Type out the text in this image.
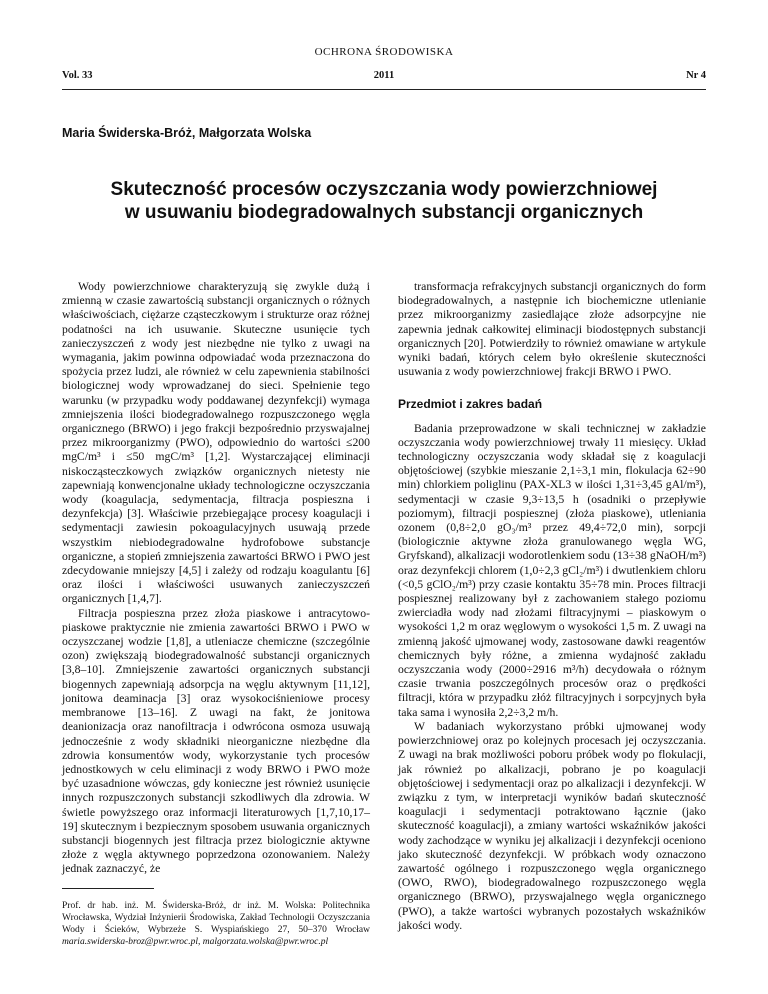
OCHRONA ŚRODOWISKA
Vol. 33	2011	Nr 4
Maria Świderska-Bróż, Małgorzata Wolska
Skuteczność procesów oczyszczania wody powierzchniowej
w usuwaniu biodegradowalnych substancji organicznych

Wody powierzchniowe charakteryzują się zwykle dużą i zmienną w czasie zawartością substancji organicznych o różnych właściwościach, ciężarze cząsteczkowym i strukturze oraz różnej podatności na ich usuwanie. Skuteczne usunięcie tych zanieczyszczeń z wody jest niezbędne nie tylko z uwagi na wymagania, jakim powinna odpowiadać woda przeznaczona do spożycia przez ludzi, ale również w celu zapewnienia stabilności biologicznej wody wprowadzanej do sieci. Spełnienie tego warunku (w przypadku wody poddawanej dezynfekcji) wymaga zmniejszenia ilości biodegradowalnego rozpuszczonego węgla organicznego (BRWO) i jego frakcji bezpośrednio przyswajalnej przez mikroorganizmy (PWO), odpowiednio do wartości ≤200 mgC/m³ i ≤50 mgC/m³ [1,2]. Wystarczającej eliminacji niskocząsteczkowych związków organicznych nietesty nie zapewniają konwencjonalne układy technologiczne oczyszczania wody (koagulacja, sedymentacja, filtracja pospieszna i dezynfekcja) [3]. Właściwie przebiegające procesy koagulacji i sedymentacji zawiesin pokoagulacyjnych usuwają przede wszystkim niebiodegradowalne hydrofobowe substancje organiczne, a stopień zmniejszenia zawartości BRWO i PWO jest zdecydowanie mniejszy [4,5] i zależy od rodzaju koagulantu [6] oraz ilości i właściwości usuwanych zanieczyszczeń organicznych [1,4,7].

Filtracja pospieszna przez złoża piaskowe i antracytowo-piaskowe praktycznie nie zmienia zawartości BRWO i PWO w oczyszczanej wodzie [1,8], a utleniacze chemiczne (szczególnie ozon) zwiększają biodegradowalność substancji organicznych [3,8–10]. Zmniejszenie zawartości organicznych substancji biogennych zapewniają adsorpcja na węglu aktywnym [11,12], jonitowa deaminacja [3] oraz wysokociśnieniowe procesy membranowe [13–16]. Z uwagi na fakt, że jonitowa deanionizacja oraz nanofiltracja i odwrócona osmoza usuwają jednocześnie z wody składniki nieorganiczne niezbędne dla zdrowia konsumentów wody, wykorzystanie tych procesów jednostkowych w celu eliminacji z wody BRWO i PWO może być uzasadnione wówczas, gdy konieczne jest również usunięcie innych rozpuszczonych substancji szkodliwych dla zdrowia. W świetle powyższego oraz informacji literaturowych [1,7,10,17–19] skutecznym i bezpiecznym sposobem usuwania organicznych substancji biogennych jest filtracja przez biologicznie aktywne złoże z węgla aktywnego poprzedzona ozonowaniem. Należy jednak zaznaczyć, że

transformacja refrakcyjnych substancji organicznych do form biodegradowalnych, a następnie ich biochemiczne utlenianie przez mikroorganizmy zasiedlające złoże adsorpcyjne nie zapewnia jednak całkowitej eliminacji biodostępnych substancji organicznych [20]. Potwierdziły to również omawiane w artykule wyniki badań, których celem było określenie skuteczności usuwania z wody powierzchniowej frakcji BRWO i PWO.

Przedmiot i zakres badań

Badania przeprowadzone w skali technicznej w zakładzie oczyszczania wody powierzchniowej trwały 11 miesięcy. Układ technologiczny oczyszczania wody składał się z koagulacji objętościowej (szybkie mieszanie 2,1÷3,1 min, flokulacja 62÷90 min) chlorkiem poliglinu (PAX-XL3 w ilości 1,31÷3,45 gAl/m³), sedymentacji w czasie 9,3÷13,5 h (osadniki o przepływie poziomym), filtracji pospiesznej (złoża piaskowe), utleniania ozonem (0,8÷2,0 gO₃/m³ przez 49,4÷72,0 min), sorpcji (biologicznie aktywne złoża granulowanego węgla WG, Gryfskand), alkalizacji wodorotlenkiem sodu (13÷38 gNaOH/m³) oraz dezynfekcji chlorem (1,0÷2,3 gCl₂/m³) i dwutlenkiem chloru (<0,5 gClO₂/m³) przy czasie kontaktu 35÷78 min. Proces filtracji pospiesznej realizowany był z zachowaniem stałego poziomu zwierciadła wody nad złożami filtracyjnymi – piaskowym o wysokości 1,2 m oraz węglowym o wysokości 1,5 m. Z uwagi na zmienną jakość ujmowanej wody, zastosowane dawki reagentów chemicznych były różne, a zmienna wydajność zakładu oczyszczania wody (2000÷2916 m³/h) decydowała o różnym czasie trwania poszczególnych procesów oraz o prędkości filtracji, która w przypadku złóż filtracyjnych i sorpcyjnych była taka sama i wynosiła 2,2÷3,2 m/h.

W badaniach wykorzystano próbki ujmowanej wody powierzchniowej oraz po kolejnych procesach jej oczyszczania. Z uwagi na brak możliwości poboru próbek wody po flokulacji, jak również po alkalizacji, pobrano je po koagulacji objętościowej i sedymentacji oraz po alkalizacji i dezynfekcji. W związku z tym, w interpretacji wyników badań skuteczność koagulacji i sedymentacji potraktowano łącznie (jako skuteczność koagulacji), a zmiany wartości wskaźników jakości wody zachodzące w wyniku jej alkalizacji i dezynfekcji oceniono jako skuteczność dezynfekcji. W próbkach wody oznaczono zawartość ogólnego i rozpuszczonego węgla organicznego (OWO, RWO), biodegradowalnego rozpuszczonego węgla organicznego (BRWO), przyswajalnego węgla organicznego (PWO), a także wartości wybranych pozostałych wskaźników jakości wody.

Prof. dr hab. inż. M. Świderska-Bróż, dr inż. M. Wolska: Politechnika Wrocławska, Wydział Inżynierii Środowiska, Zakład Technologii Oczyszczania Wody i Ścieków, Wybrzeże S. Wyspiańskiego 27, 50–370 Wrocław maria.swiderska-broz@pwr.wroc.pl, malgorzata.wolska@pwr.wroc.pl
